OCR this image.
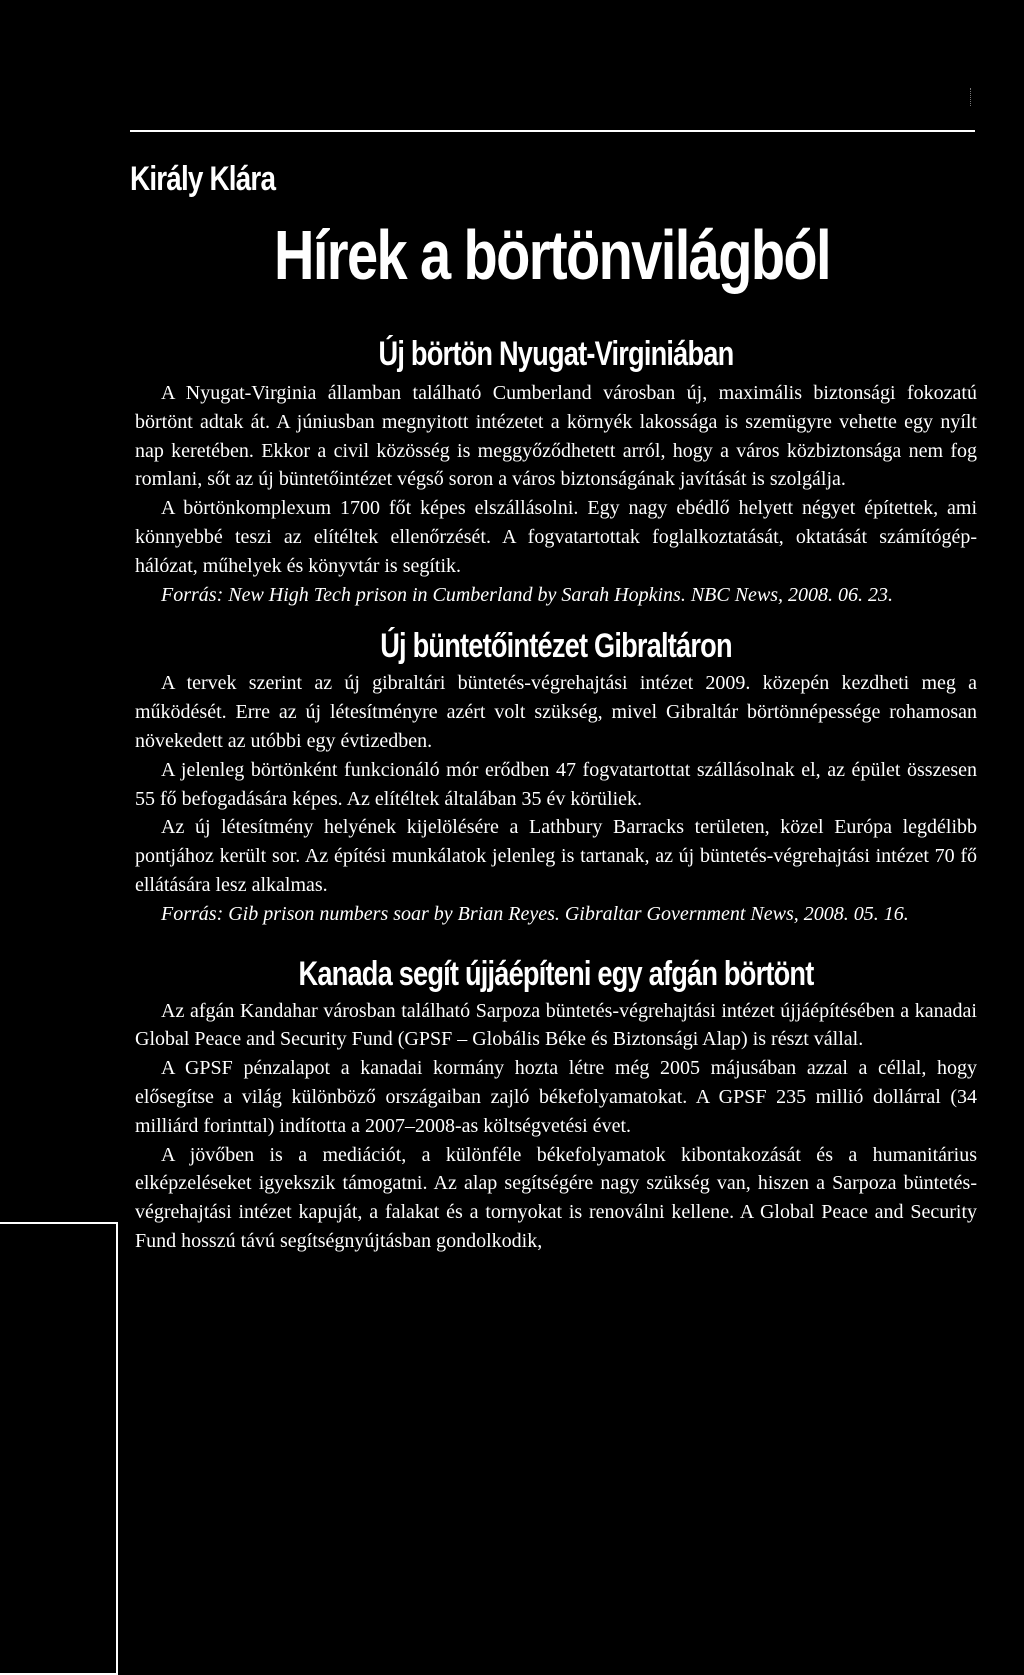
Király Klára
Hírek a börtönvilágból
Új börtön Nyugat-Virginiában

A Nyugat-Virginia államban található Cumberland városban új, maximális biztonsági fokozatú börtönt adtak át. A júniusban megnyitott intézetet a környék lakossága is szemügyre vehette egy nyílt nap keretében. Ekkor a civil közösség is meggyőződhetett arról, hogy a város közbiztonsága nem fog romlani, sőt az új büntetőintézet végső soron a város biztonságának javítását is szolgálja.

A börtönkomplexum 1700 főt képes elszállásolni. Egy nagy ebédlő helyett négyet építettek, ami könnyebbé teszi az elítéltek ellenőrzését. A fogvatartottak foglalkoztatását, oktatását számítógép- hálózat, műhelyek és könyvtár is segítik.

Forrás: New High Tech prison in Cumberland by Sarah Hopkins. NBC News, 2008. 06. 23.

Új büntetőintézet Gibraltáron

A tervek szerint az új gibraltári büntetés-végrehajtási intézet 2009. közepén kezdheti meg a működését. Erre az új létesítményre azért volt szükség, mivel Gibraltár börtönnépessége rohamosan növekedett az utóbbi egy évtizedben.

A jelenleg börtönként funkcionáló mór erődben 47 fogvatartottat szállásolnak el, az épület összesen 55 fő befogadására képes. Az elítéltek általában 35 év körüliek.

Az új létesítmény helyének kijelölésére a Lathbury Barracks területen, közel Európa legdélibb pontjához került sor. Az építési munkálatok jelenleg is tartanak, az új büntetés-végrehajtási intézet 70 fő ellátására lesz alkalmas.

Forrás: Gib prison numbers soar by Brian Reyes. Gibraltar Government News, 2008. 05. 16.

Kanada segít újjáépíteni egy afgán börtönt

Az afgán Kandahar városban található Sarpoza büntetés-végrehajtási intézet újjáépítésében a kanadai Global Peace and Security Fund (GPSF – Globális Béke és Biztonsági Alap) is részt vállal.

A GPSF pénzalapot a kanadai kormány hozta létre még 2005 májusában azzal a céllal, hogy elősegítse a világ különböző országaiban zajló békefolyamatokat. A GPSF 235 millió dollárral (34 milliárd forinttal) indította a 2007–2008-as költségvetési évet.

A jövőben is a mediációt, a különféle békefolyamatok kibontakozását és a humanitárius elképzeléseket igyekszik támogatni. Az alap segítségére nagy szükség van, hiszen a Sarpoza büntetés-végrehajtási intézet kapuját, a falakat és a tornyokat is renoválni kellene. A Global Peace and Security Fund hosszú távú segítségnyújtásban gondolkodik,
